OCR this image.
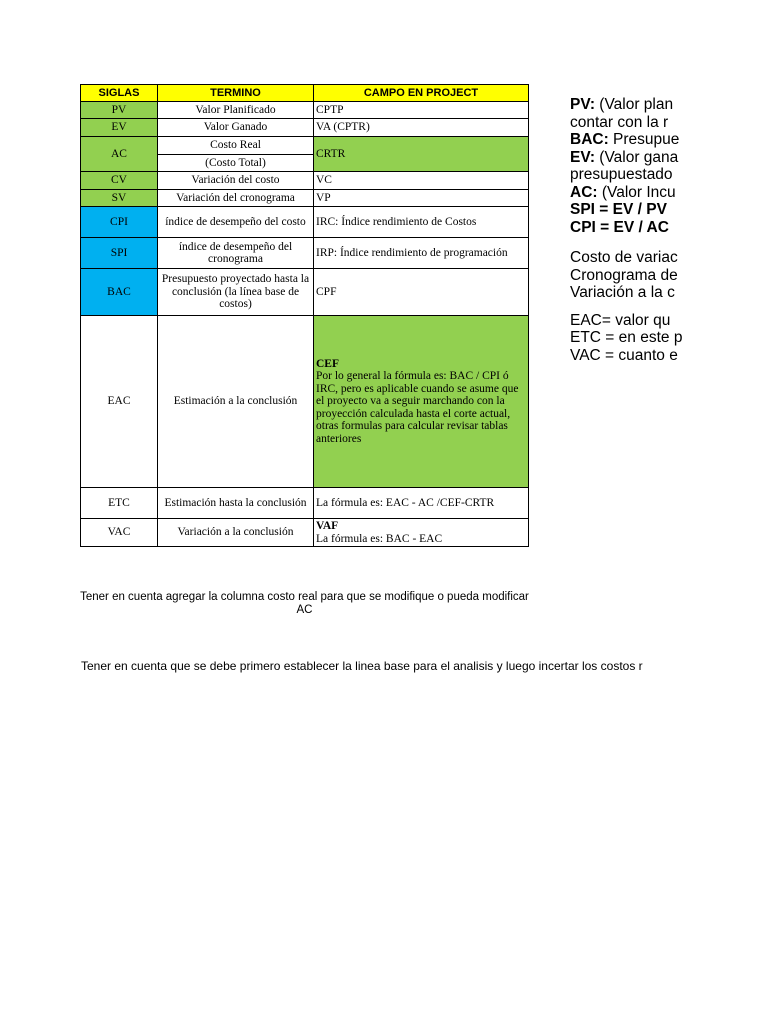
SIGLAS	TERMINO	CAMPO EN PROJECT
PV	Valor Planificado	CPTP
EV	Valor Ganado	VA (CPTR)
AC	Costo Real	CRTR
	(Costo Total)	
CV	Variación del costo	VC
SV	Variación del cronograma	VP
CPI	índice de desempeño del costo	IRC: Índice rendimiento de Costos
SPI	índice de desempeño del cronograma	IRP: Índice rendimiento de programación
BAC	Presupuesto proyectado hasta la conclusión (la línea base de costos)	CPF
EAC	Estimación a la conclusión	CEF
Por lo general la fórmula es: BAC / CPI ó IRC, pero es aplicable cuando se asume que el proyecto va a seguir marchando con la proyección calculada hasta el corte actual, otras formulas para calcular revisar tablas anteriores

ETC	Estimación hasta la conclusión	La fórmula es: EAC - AC /CEF-CRTR
VAC	Variación a la conclusión	VAF
La fórmula es: BAC - EAC
Tener en cuenta agregar la columna costo real para que se modifique o pueda modificar AC
Tener en cuenta que se debe primero establecer la linea base para el analisis y luego incertar los costos r

PV: (Valor plan

contar con la r

BAC: Presupue

EV: (Valor gana

presupuestado

AC: (Valor Incu

SPI = EV / PV

CPI = EV / AC

Costo de variac

Cronograma de

Variación a la c

EAC= valor qu

ETC = en este p

VAC = cuanto e
